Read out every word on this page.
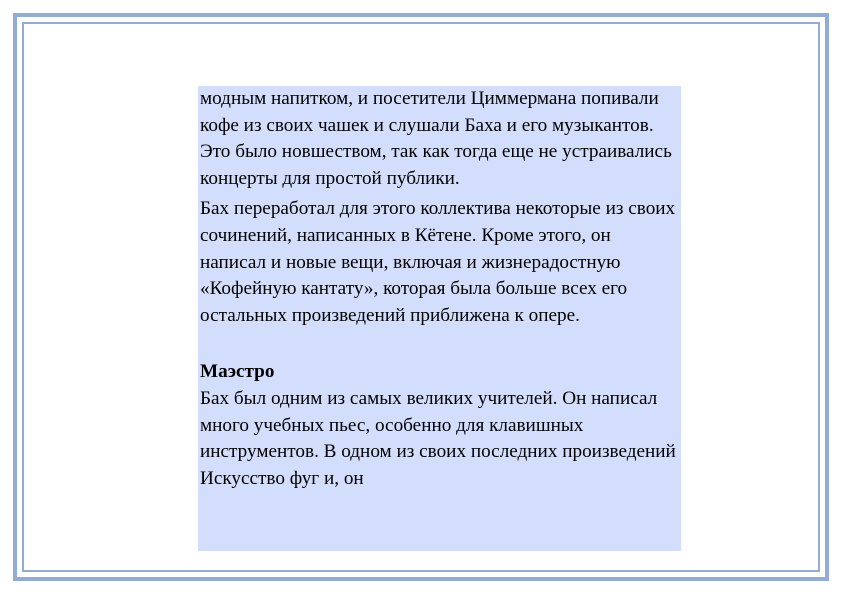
модным напитком, и посетители Циммермана попивали кофе из своих чашек и слушали Баха и его музыкантов. Это было новшеством, так как тогда еще не устраивались концерты для простой публики.

Бах переработал для этого коллектива некоторые из своих сочинений, написанных в Кётене. Кроме этого, он написал и новые вещи, включая и жизнерадостную «Кофейную кантату», которая была больше всех его остальных произведений приближена к опере.

Маэстро

Бах был одним из самых великих учителей. Он написал много учебных пьес, особенно для клавишных инструментов. В одном из своих последних произведений Искусство фуг и, он
